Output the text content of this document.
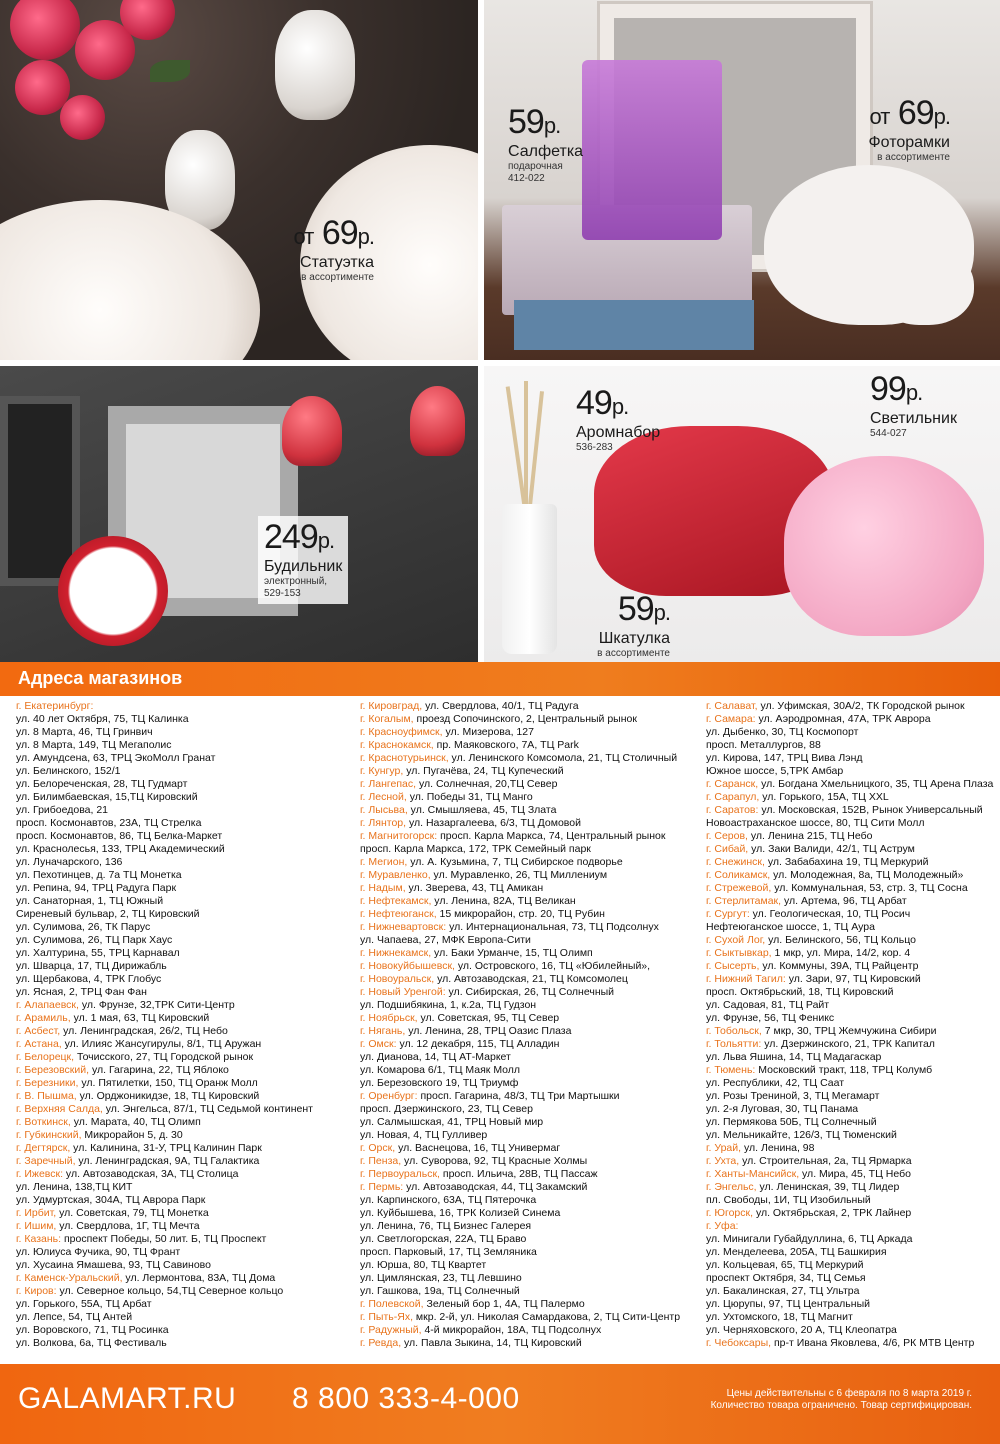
от 69р.
Статуэтка
в ассортименте
59р.
Салфетка
подарочная
412-022
от 69р.
Фоторамки
в ассортименте
249р.
Будильник
электронный,
529-153
49р.
Аромнабор
536-283
99р.
Светильник
544-027
59р.
Шкатулка
в ассортименте
Адреса магазинов
г. Екатеринбург:
ул. 40 лет Октября, 75, ТЦ Калинка
ул. 8 Марта, 46, ТЦ Гринвич
ул. 8 Марта, 149, ТЦ Мегаполис
ул. Амундсена, 63, ТРЦ ЭкоМолл Гранат
ул. Белинского, 152/1
ул. Белореченская, 28, ТЦ Гудмарт
ул. Билимбаевская, 15,ТЦ Кировский
ул. Грибоедова, 21
просп. Космонавтов, 23А, ТЦ Стрелка
просп. Космонавтов, 86, ТЦ Белка-Маркет
ул. Краснолесья, 133, ТРЦ Академический
ул. Луначарского, 136
ул. Пехотинцев, д. 7а ТЦ Монетка
ул. Репина, 94, ТРЦ Радуга Парк
ул. Санаторная, 1, ТЦ Южный
Сиреневый бульвар, 2, ТЦ Кировский
ул. Сулимова, 26, ТК Парус
ул. Сулимова, 26, ТЦ Парк Хаус
ул. Халтурина, 55, ТРЦ Карнавал
ул. Шварца, 17, ТЦ Дирижабль
ул. Щербакова, 4, ТРК Глобус
ул. Ясная, 2, ТРЦ Фан Фан
г. Алапаевск, ул. Фрунзе, 32,ТРК Сити-Центр
г. Арамиль, ул. 1 мая, 63, ТЦ Кировский
г. Асбест, ул. Ленинградская, 26/2, ТЦ Небо
г. Астана, ул. Илияс Жансугирулы, 8/1, ТЦ Аружан
г. Белорецк, Точисского, 27, ТЦ Городской рынок
г. Березовский, ул. Гагарина, 22, ТЦ Яблоко
г. Березники, ул. Пятилетки, 150, ТЦ Оранж Молл
г. В. Пышма, ул. Орджоникидзе, 18, ТЦ Кировский
г. Верхняя Салда, ул. Энгельса, 87/1, ТЦ Седьмой континент
г. Воткинск, ул. Марата, 40, ТЦ Олимп
г. Губкинский, Микрорайон 5, д. 30
г. Дегтярск, ул. Калинина, 31-У, ТРЦ Калинин Парк
г. Заречный, ул. Ленинградская, 9А, ТЦ Галактика
г. Ижевск: ул. Автозаводская, 3А, ТЦ Столица
ул. Ленина, 138,ТЦ КИТ
ул. Удмуртская, 304А, ТЦ Аврора Парк
г. Ирбит, ул. Советская, 79, ТЦ Монетка
г. Ишим, ул. Свердлова, 1Г, ТЦ Мечта
г. Казань: проспект Победы, 50 лит. Б, ТЦ Проспект
ул. Юлиуса Фучика, 90, ТЦ Франт
ул. Хусаина Ямашева, 93, ТЦ Савиново
г. Каменск-Уральский, ул. Лермонтова, 83А, ТЦ Дома
г. Киров: ул. Северное кольцо, 54,ТЦ Северное кольцо
ул. Горького, 55А, ТЦ Арбат
ул. Лепсе, 54, ТЦ Антей
ул. Воровского, 71, ТЦ Росинка
ул. Волкова, 6а, ТЦ Фестиваль
г. Кировград, ул. Свердлова, 40/1, ТЦ Радуга
г. Когалым, проезд Сопочинского, 2, Центральный рынок
г. Красноуфимск, ул. Мизерова, 127
г. Краснокамск, пр. Маяковского, 7А, ТЦ Park
г. Краснотурьинск, ул. Ленинского Комсомола, 21, ТЦ Столичный
г. Кунгур, ул. Пугачёва, 24, ТЦ Купеческий
г. Лангепас, ул. Солнечная, 20,ТЦ Север
г. Лесной, ул. Победы 31, ТЦ Манго
г. Лысьва, ул. Смышляева, 45, ТЦ Злата
г. Лянтор, ул. Назаргалеева, 6/3, ТЦ Домовой
г. Магнитогорск: просп. Карла Маркса, 74, Центральный рынок
просп. Карла Маркса, 172, ТРК Семейный парк
г. Мегион, ул. А. Кузьмина, 7, ТЦ Сибирское подворье
г. Муравленко, ул. Муравленко, 26, ТЦ Миллениум
г. Надым, ул. Зверева, 43, ТЦ Амикан
г. Нефтекамск, ул. Ленина, 82А, ТЦ Великан
г. Нефтеюганск, 15 микрорайон, стр. 20, ТЦ Рубин
г. Нижневартовск: ул. Интернациональная, 73, ТЦ Подсолнух
ул. Чапаева, 27, МФК Европа-Сити
г. Нижнекамск, ул. Баки Урманче, 15, ТЦ Олимп
г. Новокуйбышевск, ул. Островского, 16, ТЦ «Юбилейный»,
г. Новоуральск, ул. Автозаводская, 21, ТЦ Комсомолец
г. Новый Уренгой: ул. Сибирская, 26, ТЦ Солнечный
ул. Подшибякина, 1, к.2а, ТЦ Гудзон
г. Ноябрьск, ул. Советская, 95, ТЦ Север
г. Нягань, ул. Ленина, 28, ТРЦ Оазис Плаза
г. Омск: ул. 12 декабря, 115, ТЦ Алладин
ул. Дианова, 14, ТЦ АТ-Маркет
ул. Комарова 6/1, ТЦ Маяк Молл
ул. Березовского 19, ТЦ Триумф
г. Оренбург: просп. Гагарина, 48/3, ТЦ Три Мартышки
просп. Дзержинского, 23, ТЦ Север
ул. Салмышская, 41, ТРЦ Новый мир
ул. Новая, 4, ТЦ Гулливер
г. Орск, ул. Васнецова, 16, ТЦ Универмаг
г. Пенза, ул. Суворова, 92, ТЦ Красные Холмы
г. Первоуральск, просп. Ильича, 28В, ТЦ Пассаж
г. Пермь: ул. Автозаводская, 44, ТЦ Закамский
ул. Карпинского, 63А, ТЦ Пятерочка
ул. Куйбышева, 16, ТРК Колизей Синема
ул. Ленина, 76, ТЦ Бизнес Галерея
ул. Светлогорская, 22А, ТЦ Браво
просп. Парковый, 17, ТЦ Земляника
ул. Юрша, 80, ТЦ Квартет
ул. Цимлянская, 23, ТЦ Левшино
ул. Гашкова, 19а, ТЦ Солнечный
г. Полевской, Зеленый бор 1, 4А, ТЦ Палермо
г. Пыть-Ях, мкр. 2-й, ул. Николая Самардакова, 2, ТЦ Сити-Центр
г. Радужный, 4-й микрорайон, 18А, ТЦ Подсолнух
г. Ревда, ул. Павла Зыкина, 14, ТЦ Кировский
г. Салават, ул. Уфимская, 30А/2, ТК Городской рынок
г. Самара: ул. Аэродромная, 47А, ТРК Аврора
ул. Дыбенко, 30, ТЦ Космопорт
просп. Металлургов, 88
ул. Кирова, 147, ТРЦ Вива Лэнд
Южное шоссе, 5,ТРК Амбар
г. Саранск, ул. Богдана Хмельницкого, 35, ТЦ Арена Плаза
г. Сарапул, ул. Горького, 15А, ТЦ XXL
г. Саратов: ул. Московская, 152В, Рынок Универсальный
Новоастраханское шоссе, 80, ТЦ Сити Молл
г. Серов, ул. Ленина 215, ТЦ Небо
г. Сибай, ул. Заки Валиди, 42/1, ТЦ Аструм
г. Снежинск, ул. Забабахина 19, ТЦ Меркурий
г. Соликамск, ул. Молодежная, 8а, ТЦ Молодежный»
г. Стрежевой, ул. Коммунальная, 53, стр. 3, ТЦ Сосна
г. Стерлитамак, ул. Артема, 96, ТЦ Арбат
г. Сургут: ул. Геологическая, 10, ТЦ Росич
Нефтеюганское шоссе, 1, ТЦ Аура
г. Сухой Лог, ул. Белинского, 56, ТЦ Кольцо
г. Сыктывкар, 1 мкр, ул. Мира, 14/2, кор. 4
г. Сысерть, ул. Коммуны, 39А, ТЦ Райцентр
г. Нижний Тагил: ул. Зари, 97, ТЦ Кировский
просп. Октябрьский, 18, ТЦ Кировский
ул. Садовая, 81, ТЦ Райт
ул. Фрунзе, 56, ТЦ Феникс
г. Тобольск, 7 мкр, 30, ТРЦ Жемчужина Сибири
г. Тольятти: ул. Дзержинского, 21, ТРК Капитал
ул. Льва Яшина, 14, ТЦ Мадагаскар
г. Тюмень: Московский тракт, 118, ТРЦ Колумб
ул. Республики, 42, ТЦ Саат
ул. Розы Трениной, 3, ТЦ Мегамарт
ул. 2-я Луговая, 30, ТЦ Панама
ул. Пермякова 50Б, ТЦ Солнечный
ул. Мельникайте, 126/3, ТЦ Тюменский
г. Урай, ул. Ленина, 98
г. Ухта, ул. Строительная, 2а, ТЦ Ярмарка
г. Ханты-Мансийск, ул. Мира, 45, ТЦ Небо
г. Энгельс, ул. Ленинская, 39, ТЦ Лидер
пл. Свободы, 1И, ТЦ Изобильный
г. Югорск, ул. Октябрьская, 2, ТРК Лайнер
г. Уфа:
ул. Минигали Губайдуллина, 6, ТЦ Аркада
ул. Менделеева, 205А, ТЦ Башкирия
ул. Кольцевая, 65, ТЦ Меркурий
проспект Октября, 34, ТЦ Семья
ул. Бакалинская, 27, ТЦ Ультра
ул. Цюрупы, 97, ТЦ Центральный
ул. Ухтомского, 18, ТЦ Магнит
ул. Черняховского, 20 А, ТЦ Клеопатра
г. Чебоксары, пр-т Ивана Яковлева, 4/6, РК МТВ Центр
GALAMART.RU 8 800 333-4-000	Цены действительны с 6 февраля по 8 марта 2019 г.
Количество товара ограничено. Товар сертифицирован.
